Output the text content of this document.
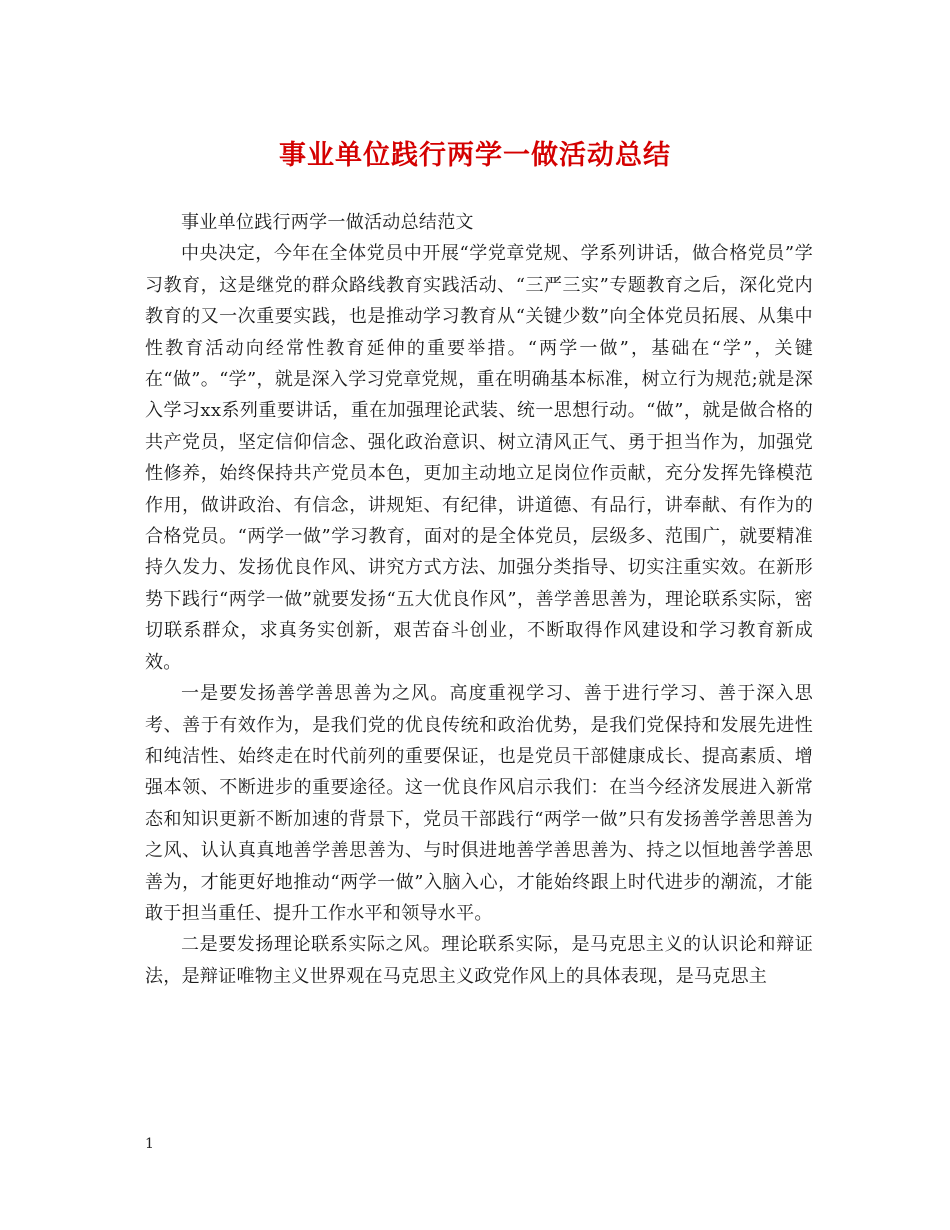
事业单位践行两学一做活动总结

事业单位践行两学一做活动总结范文

中央决定，今年在全体党员中开展“学党章党规、学系列讲话，做合格党员”学习教育，这是继党的群众路线教育实践活动、“三严三实”专题教育之后，深化党内教育的又一次重要实践，也是推动学习教育从“关键少数”向全体党员拓展、从集中性教育活动向经常性教育延伸的重要举措。“两学一做”，基础在“学”，关键在“做”。“学”，就是深入学习党章党规，重在明确基本标准，树立行为规范;就是深入学习xx系列重要讲话，重在加强理论武装、统一思想行动。“做”，就是做合格的共产党员，坚定信仰信念、强化政治意识、树立清风正气、勇于担当作为，加强党性修养，始终保持共产党员本色，更加主动地立足岗位作贡献，充分发挥先锋模范作用，做讲政治、有信念，讲规矩、有纪律，讲道德、有品行，讲奉献、有作为的合格党员。“两学一做”学习教育，面对的是全体党员，层级多、范围广，就要精准持久发力、发扬优良作风、讲究方式方法、加强分类指导、切实注重实效。在新形势下践行“两学一做”就要发扬“五大优良作风”，善学善思善为，理论联系实际，密切联系群众，求真务实创新，艰苦奋斗创业，不断取得作风建设和学习教育新成效。

一是要发扬善学善思善为之风。高度重视学习、善于进行学习、善于深入思考、善于有效作为，是我们党的优良传统和政治优势，是我们党保持和发展先进性和纯洁性、始终走在时代前列的重要保证，也是党员干部健康成长、提高素质、增强本领、不断进步的重要途径。这一优良作风启示我们：在当今经济发展进入新常态和知识更新不断加速的背景下，党员干部践行“两学一做”只有发扬善学善思善为之风、认认真真地善学善思善为、与时俱进地善学善思善为、持之以恒地善学善思善为，才能更好地推动“两学一做”入脑入心，才能始终跟上时代进步的潮流，才能敢于担当重任、提升工作水平和领导水平。

二是要发扬理论联系实际之风。理论联系实际，是马克思主义的认识论和辩证法，是辩证唯物主义世界观在马克思主义政党作风上的具体表现，是马克思主

1
